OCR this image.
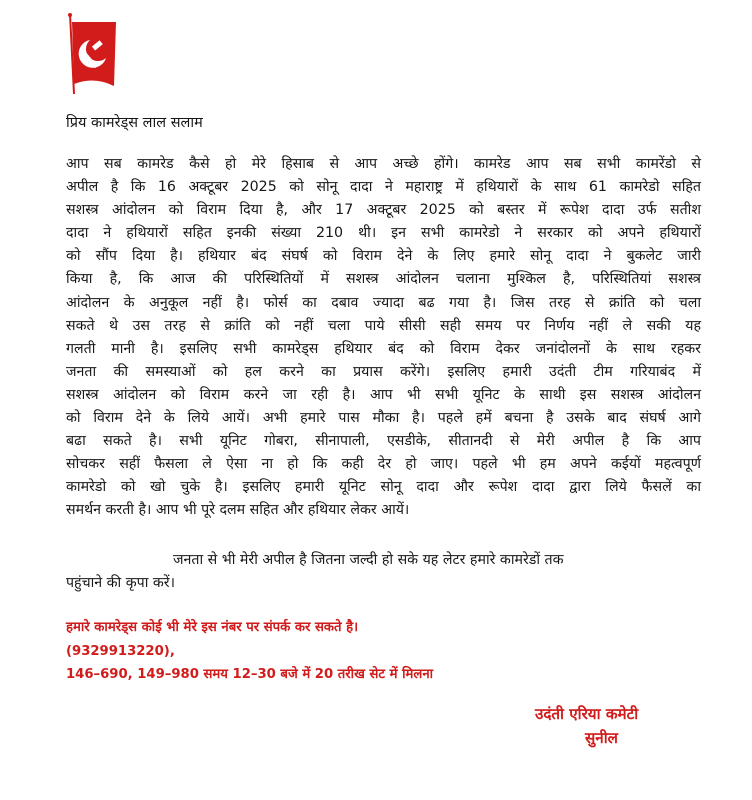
प्रिय कामरेड्स लाल सलाम
आप सब कामरेड कैसे हो मेरे हिसाब से आप अच्छे होंगे। कामरेड आप सब सभी कामरेंडो से
अपील है कि 16 अक्टूबर 2025 को सोनू दादा ने महाराष्ट्र में हथियारों के साथ 61 कामरेडो सहित
सशस्त्र आंदोलन को विराम दिया है, और 17 अक्टूबर 2025 को बस्तर में रूपेश दादा उर्फ सतीश
दादा ने हथियारों सहित इनकी संख्या 210 थी। इन सभी कामरेडो ने सरकार को अपने हथियारों
को सौंप दिया है। हथियार बंद संघर्ष को विराम देने के लिए हमारे सोनू दादा ने बुकलेट जारी
किया है, कि आज की परिस्थितियों में सशस्त्र आंदोलन चलाना मुश्किल है, परिस्थितियां सशस्त्र
आंदोलन के अनुकूल नहीं है। फोर्स का दबाव ज्यादा बढ गया है। जिस तरह से क्रांति को चला
सकते थे उस तरह से क्रांति को नहीं चला पाये सीसी सही समय पर निर्णय नहीं ले सकी यह
गलती मानी है। इसलिए सभी कामरेड्स हथियार बंद को विराम देकर जनांदोलनों के साथ रहकर
जनता की समस्याओं को हल करने का प्रयास करेंगे। इसलिए हमारी उदंती टीम गरियाबंद में
सशस्त्र आंदोलन को विराम करने जा रही है। आप भी सभी यूनिट के साथी इस सशस्त्र आंदोलन
को विराम देने के लिये आयें। अभी हमारे पास मौका है। पहले हमें बचना है उसके बाद संघर्ष आगे
बढा सकते है। सभी यूनिट गोबरा, सीनापाली, एसडीके, सीतानदी से मेरी अपील है कि आप
सोचकर सहीं फैसला ले ऐसा ना हो कि कही देर हो जाए। पहले भी हम अपने कईयों महत्वपूर्ण
कामरेडो को खो चुके है। इसलिए हमारी यूनिट सोनू दादा और रूपेश दादा द्वारा लिये फैसलें का
समर्थन करती है। आप भी पूरे दलम सहित और हथियार लेकर आयें।
जनता से भी मेरी अपील है जितना जल्दी हो सके यह लेटर हमारे कामरेडों तक
पहुंचाने की कृपा करें।
हमारे कामरेड्स कोई भी मेरे इस नंबर पर संपर्क कर सकते है।
(9329913220),
146–690, 149–980 समय 12–30 बजे में 20 तरीख सेट में मिलना
उदंती एरिया कमेटी
सुनील
